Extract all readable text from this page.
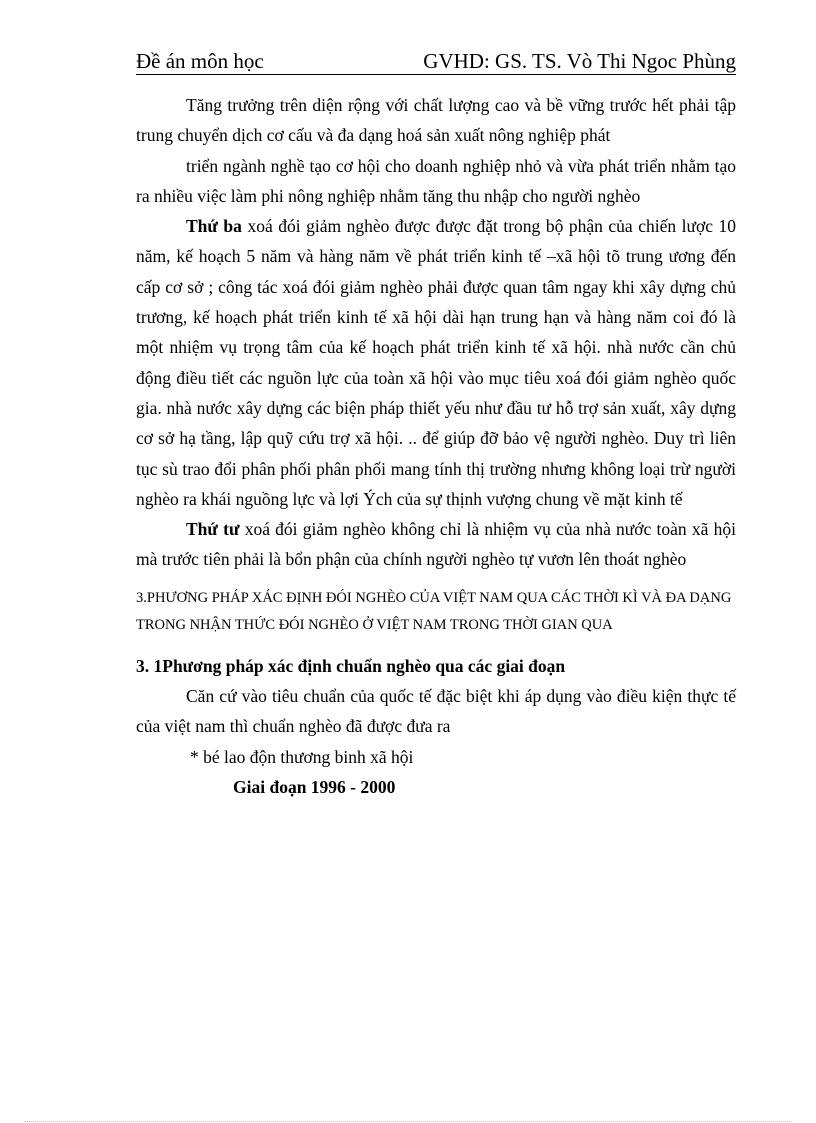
Đề án môn học	GVHD: GS. TS. Vò Thi Ngoc Phùng

Tăng trưởng trên diện rộng với chất lượng cao và bề vững trước hết phải tập trung chuyển dịch cơ cấu và đa dạng hoá sản xuất nông nghiệp phát

triển ngành nghề tạo cơ hội cho doanh nghiệp nhỏ và vừa phát triển nhằm tạo ra nhiều việc làm phi nông nghiệp nhằm tăng thu nhập cho người nghèo

Thứ ba xoá đói giảm nghèo được được đặt trong bộ phận của chiến lược 10 năm, kế hoạch 5 năm và hàng năm về phát triển kinh tế –xã hội tõ trung ương đến cấp cơ sở ; công tác xoá đói giảm nghèo phải được quan tâm ngay khi xây dựng chủ trương, kế hoạch phát triển kinh tế xã hội dài hạn trung hạn và hàng năm coi đó là một nhiệm vụ trọng tâm của kế hoạch phát triển kinh tế xã hội. nhà nước cần chủ động điều tiết các nguồn lực của toàn xã hội vào mục tiêu xoá đói giảm nghèo quốc gia. nhà nước xây dựng các biện pháp thiết yếu như đầu tư hỗ trợ sản xuất, xây dựng cơ sở hạ tầng, lập quỹ cứu trợ xã hội. .. để giúp đỡ bảo vệ người nghèo. Duy trì liên tục sù trao đổi phân phối phân phối mang tính thị trường nhưng không loại trừ người nghèo ra khái nguồng lực và lợi Ých của sự thịnh vượng chung về mặt kinh tế

Thứ tư xoá đói giảm nghèo không chỉ là nhiệm vụ của nhà nước toàn xã hội mà trước tiên phải là bổn phận của chính người nghèo tự vươn lên thoát nghèo

3.PHƯƠNG PHÁP XÁC ĐỊNH ĐÓI NGHÈO CỦA VIỆT NAM QUA CÁC THỜI KÌ VÀ ĐA DẠNG TRONG NHẬN THỨC ĐÓI NGHÈO Ở VIỆT NAM TRONG THỜI GIAN QUA

3. 1Phương pháp xác định chuẩn nghèo qua các giai đoạn

Căn cứ vào tiêu chuẩn của quốc tế đặc biệt khi áp dụng vào điều kiện thực tế của việt nam thì chuẩn nghèo đã được đưa ra

* bé lao độn thương binh xã hội

Giai đoạn 1996 - 2000
